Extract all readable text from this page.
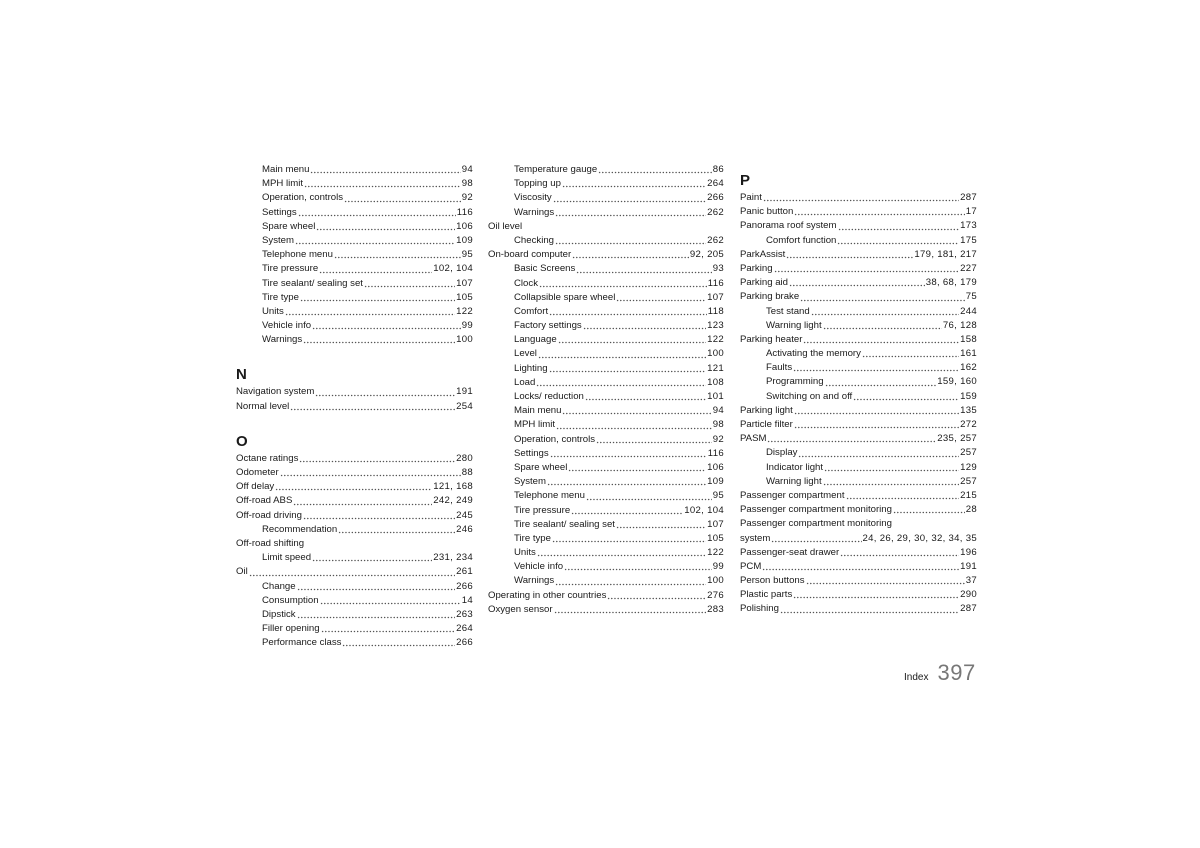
Main menu	94
MPH limit	98
Operation, controls	92
Settings	116
Spare wheel	106
System	109
Telephone menu	95
Tire pressure	102, 104
Tire sealant/ sealing set	107
Tire type	105
Units	122
Vehicle info	99
Warnings	100
N
Navigation system	191
Normal level	254
O
Octane ratings	280
Odometer	88
Off delay	121, 168
Off-road ABS	242, 249
Off-road driving	245
Recommendation	246
Off-road shifting
Limit speed	231, 234
Oil	261
Change	266
Consumption	14
Dipstick	263
Filler opening	264
Performance class	266
Temperature gauge	86
Topping up	264
Viscosity	266
Warnings	262
Oil level
Checking	262
On-board computer	92, 205
Basic Screens	93
Clock	116
Collapsible spare wheel	107
Comfort	118
Factory settings	123
Language	122
Level	100
Lighting	121
Load	108
Locks/ reduction	101
Main menu	94
MPH limit	98
Operation, controls	92
Settings	116
Spare wheel	106
System	109
Telephone menu	95
Tire pressure	102, 104
Tire sealant/ sealing set	107
Tire type	105
Units	122
Vehicle info	99
Warnings	100
Operating in other countries	276
Oxygen sensor	283
P
Paint	287
Panic button	17
Panorama roof system	173
Comfort function	175
ParkAssist	179, 181, 217
Parking	227
Parking aid	38, 68, 179
Parking brake	75
Test stand	244
Warning light	76, 128
Parking heater	158
Activating the memory	161
Faults	162
Programming	159, 160
Switching on and off	159
Parking light	135
Particle filter	272
PASM	235, 257
Display	257
Indicator light	129
Warning light	257
Passenger compartment	215
Passenger compartment monitoring	28
Passenger compartment monitoring
system	24, 26, 29, 30, 32, 34, 35
Passenger-seat drawer	196
PCM	191
Person buttons	37
Plastic parts	290
Polishing	287
Index 397
